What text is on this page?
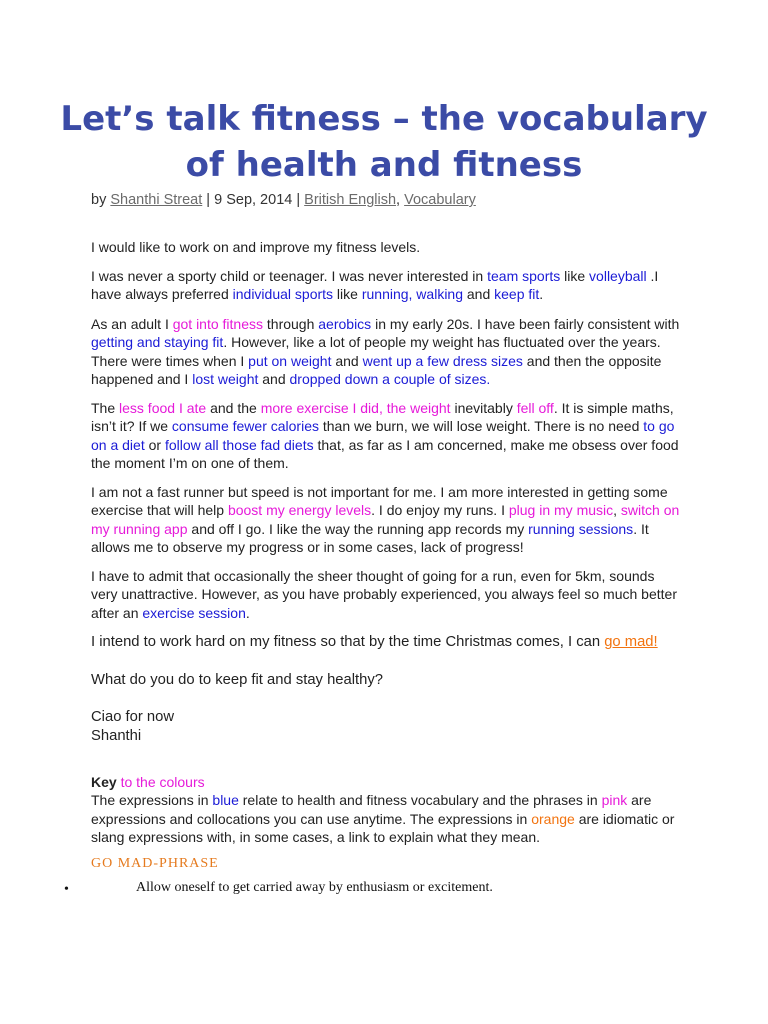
Let’s talk fitness – the vocabulary of health and fitness
by Shanthi Streat | 9 Sep, 2014 | British English, Vocabulary

I would like to work on and improve my fitness levels.

I was never a sporty child or teenager. I was never interested in team sports like volleyball .I have always preferred individual sports like running, walking and keep fit.

As an adult I got into fitness through aerobics in my early 20s. I have been fairly consistent with getting and staying fit. However, like a lot of people my weight has fluctuated over the years. There were times when I put on weight and went up a few dress sizes and then the opposite happened and I lost weight and dropped down a couple of sizes.

The less food I ate and the more exercise I did, the weight inevitably fell off. It is simple maths, isn’t it? If we consume fewer calories than we burn, we will lose weight. There is no need to go on a diet or follow all those fad diets that, as far as I am concerned, make me obsess over food the moment I’m on one of them.

I am not a fast runner but speed is not important for me. I am more interested in getting some exercise that will help boost my energy levels. I do enjoy my runs. I plug in my music, switch on my running app and off I go. I like the way the running app records my running sessions. It allows me to observe my progress or in some cases, lack of progress!

I have to admit that occasionally the sheer thought of going for a run, even for 5km, sounds very unattractive. However, as you have probably experienced, you always feel so much better after an exercise session.

I intend to work hard on my fitness so that by the time Christmas comes, I can go mad!

What do you do to keep fit and stay healthy?

Ciao for now
Shanthi
Key to the colours

The expressions in blue relate to health and fitness vocabulary and the phrases in pink are expressions and collocations you can use anytime. The expressions in orange are idiomatic or slang expressions with, in some cases, a link to explain what they mean.

GO MAD-PHRASE
•	Allow oneself to get carried away by enthusiasm or excitement.
